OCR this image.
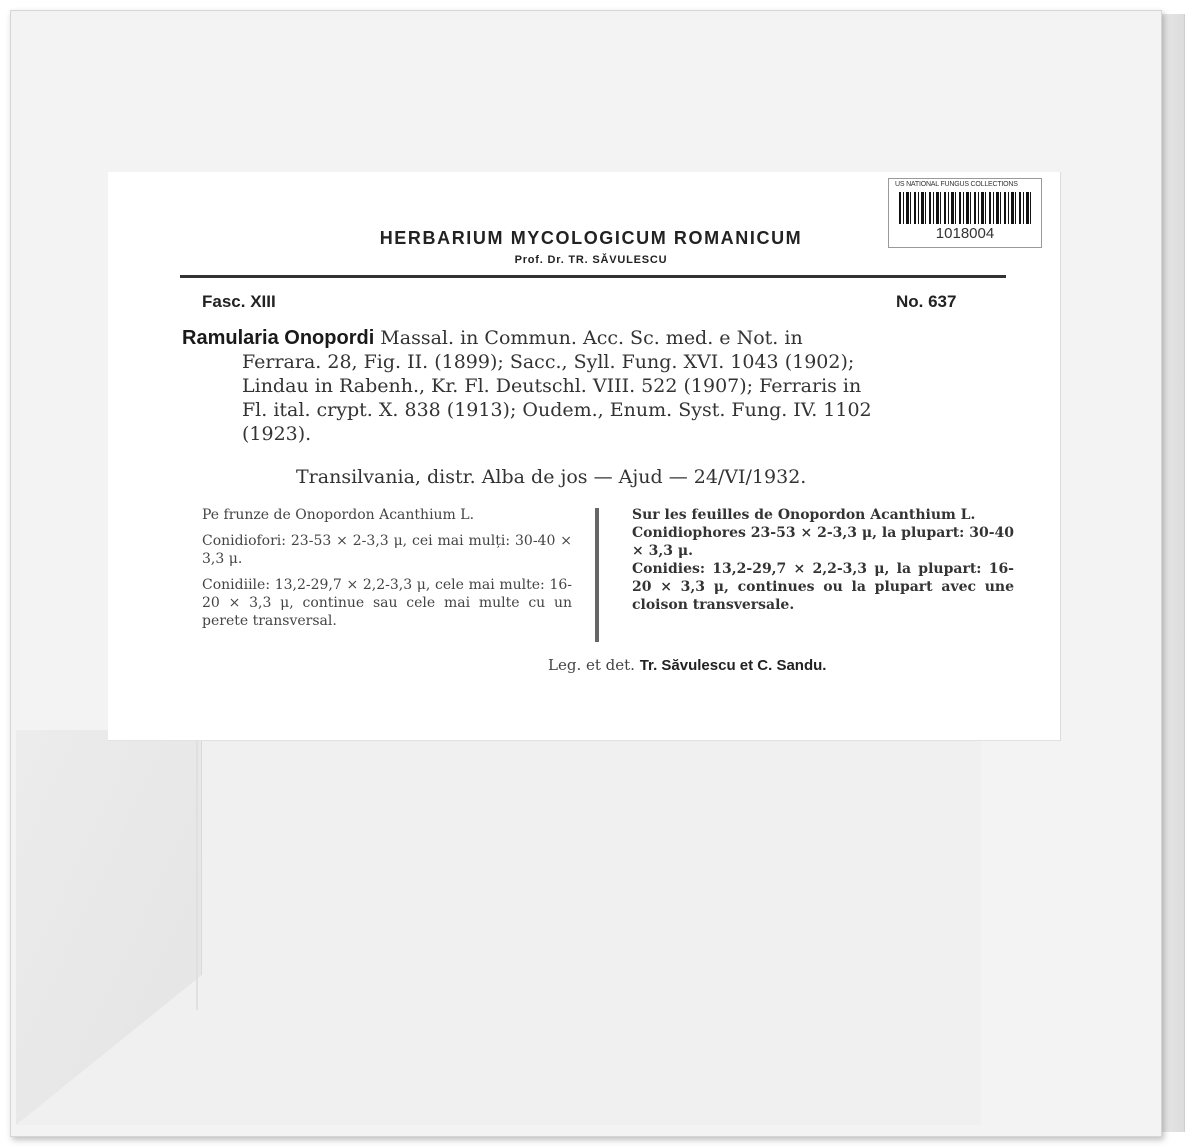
US NATIONAL FUNGUS COLLECTIONS
1018004
HERBARIUM MYCOLOGICUM ROMANICUM
Prof. Dr. TR. SĂVULESCU
Fasc. XIII	No. 637
Ramularia Onopordi Massal. in Commun. Acc. Sc. med. e Not. in
Ferrara. 28, Fig. II. (1899); Sacc., Syll. Fung. XVI. 1043 (1902);
Lindau in Rabenh., Kr. Fl. Deutschl. VIII. 522 (1907); Ferraris in
Fl. ital. crypt. X. 838 (1913); Oudem., Enum. Syst. Fung. IV. 1102
(1923).
Transilvania, distr. Alba de jos — Ajud — 24/VI/1932.

Pe frunze de Onopordon Acanthium L.

Conidiofori: 23-53 × 2-3,3 μ, cei mai mulți: 30-40 × 3,3 μ.

Conidiile: 13,2-29,7 × 2,2-3,3 μ, cele mai multe: 16-20 × 3,3 μ, continue sau cele mai multe cu un perete transversal.

Sur les feuilles de Onopordon Acanthium L.

Conidiophores 23-53 × 2-3,3 μ, la plupart: 30-40 × 3,3 μ.

Conidies: 13,2-29,7 × 2,2-3,3 μ, la plupart: 16-20 × 3,3 μ, continues ou la plupart avec une cloison transversale.

Leg. et det. Tr. Săvulescu et C. Sandu.
